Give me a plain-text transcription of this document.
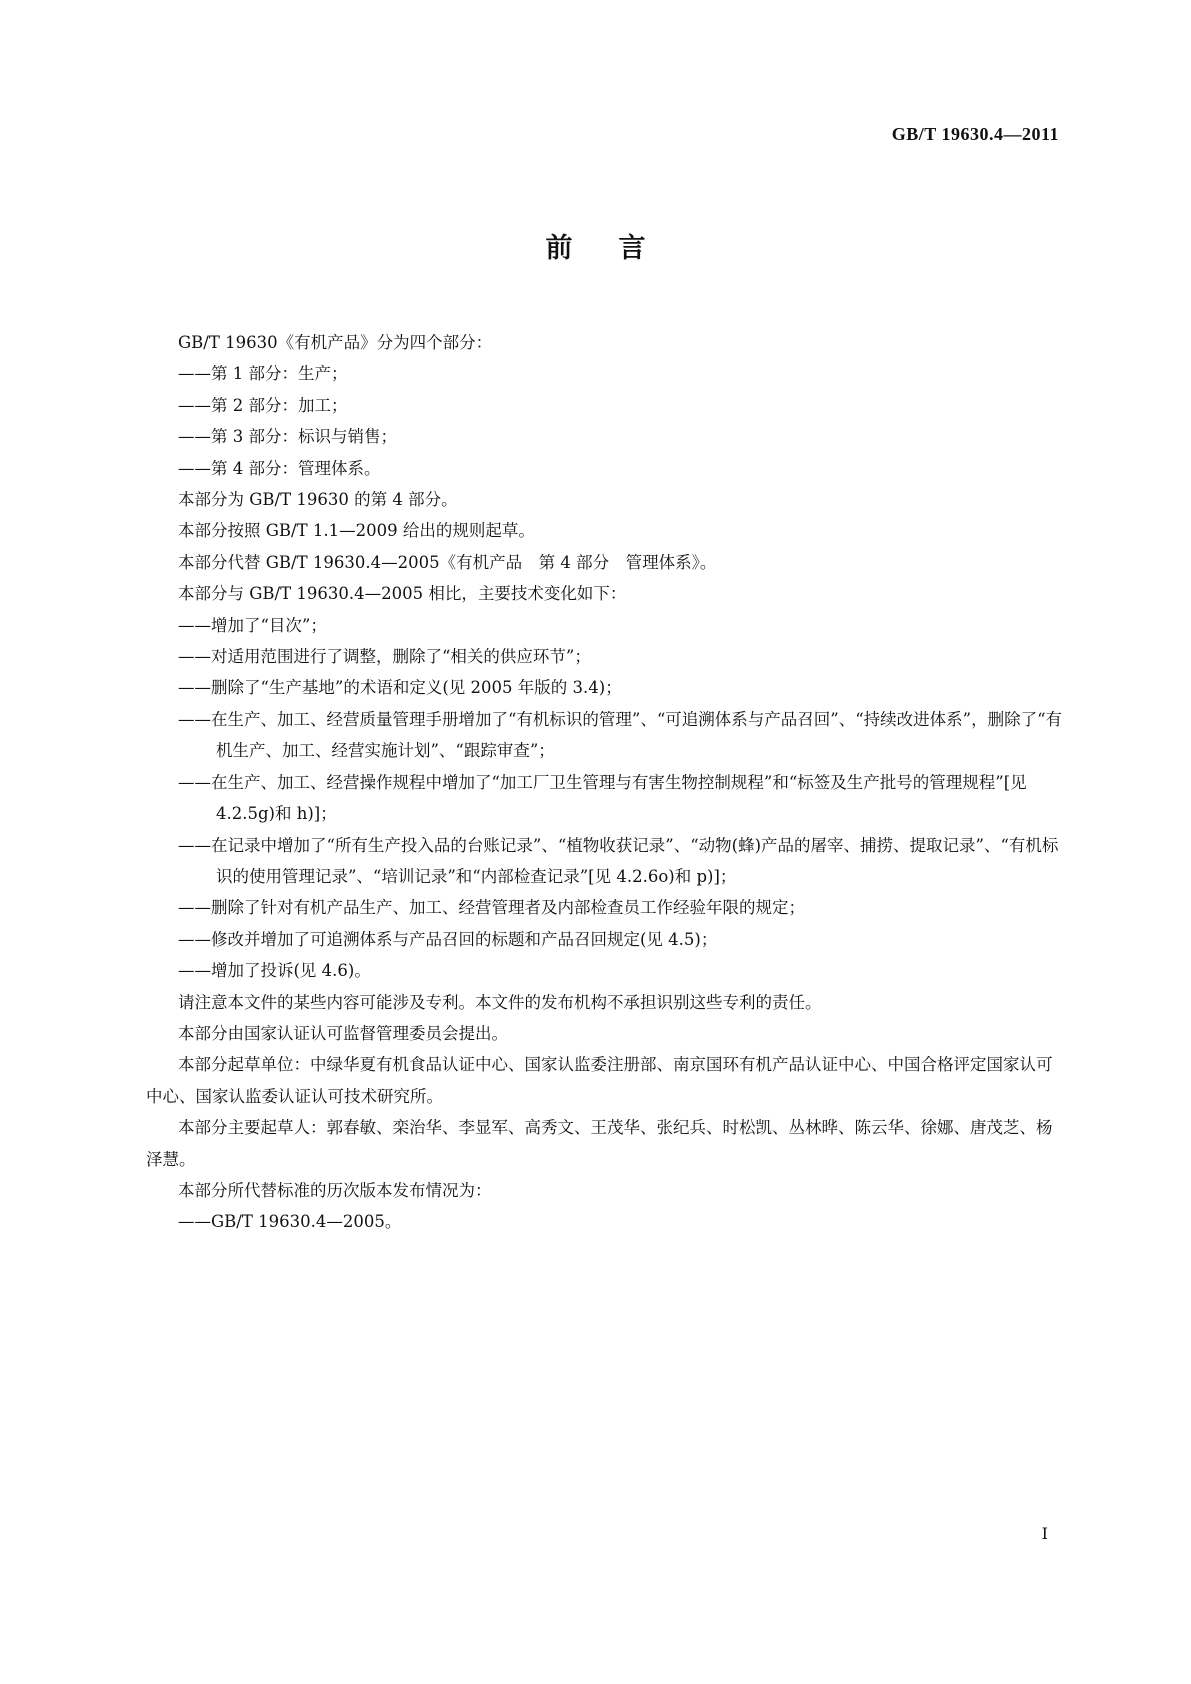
GB/T 19630.4—2011
前言

GB/T 19630《有机产品》分为四个部分：

——第 1 部分：生产；

——第 2 部分：加工；

——第 3 部分：标识与销售；

——第 4 部分：管理体系。

本部分为 GB/T 19630 的第 4 部分。

本部分按照 GB/T 1.1—2009 给出的规则起草。

本部分代替 GB/T 19630.4—2005《有机产品　第 4 部分　管理体系》。

本部分与 GB/T 19630.4—2005 相比，主要技术变化如下：

——增加了“目次”；

——对适用范围进行了调整，删除了“相关的供应环节”；

——删除了“生产基地”的术语和定义(见 2005 年版的 3.4)；

——在生产、加工、经营质量管理手册增加了“有机标识的管理”、“可追溯体系与产品召回”、“持续改进体系”，删除了“有机生产、加工、经营实施计划”、“跟踪审查”；

——在生产、加工、经营操作规程中增加了“加工厂卫生管理与有害生物控制规程”和“标签及生产批号的管理规程”[见 4.2.5g)和 h)]；

——在记录中增加了“所有生产投入品的台账记录”、“植物收获记录”、“动物(蜂)产品的屠宰、捕捞、提取记录”、“有机标识的使用管理记录”、“培训记录”和“内部检查记录”[见 4.2.6o)和 p)]；

——删除了针对有机产品生产、加工、经营管理者及内部检查员工作经验年限的规定；

——修改并增加了可追溯体系与产品召回的标题和产品召回规定(见 4.5)；

——增加了投诉(见 4.6)。

请注意本文件的某些内容可能涉及专利。本文件的发布机构不承担识别这些专利的责任。

本部分由国家认证认可监督管理委员会提出。

本部分起草单位：中绿华夏有机食品认证中心、国家认监委注册部、南京国环有机产品认证中心、中国合格评定国家认可中心、国家认监委认证认可技术研究所。

本部分主要起草人：郭春敏、栾治华、李显军、高秀文、王茂华、张纪兵、时松凯、丛林晔、陈云华、徐娜、唐茂芝、杨泽慧。

本部分所代替标准的历次版本发布情况为：

——GB/T 19630.4—2005。

I
